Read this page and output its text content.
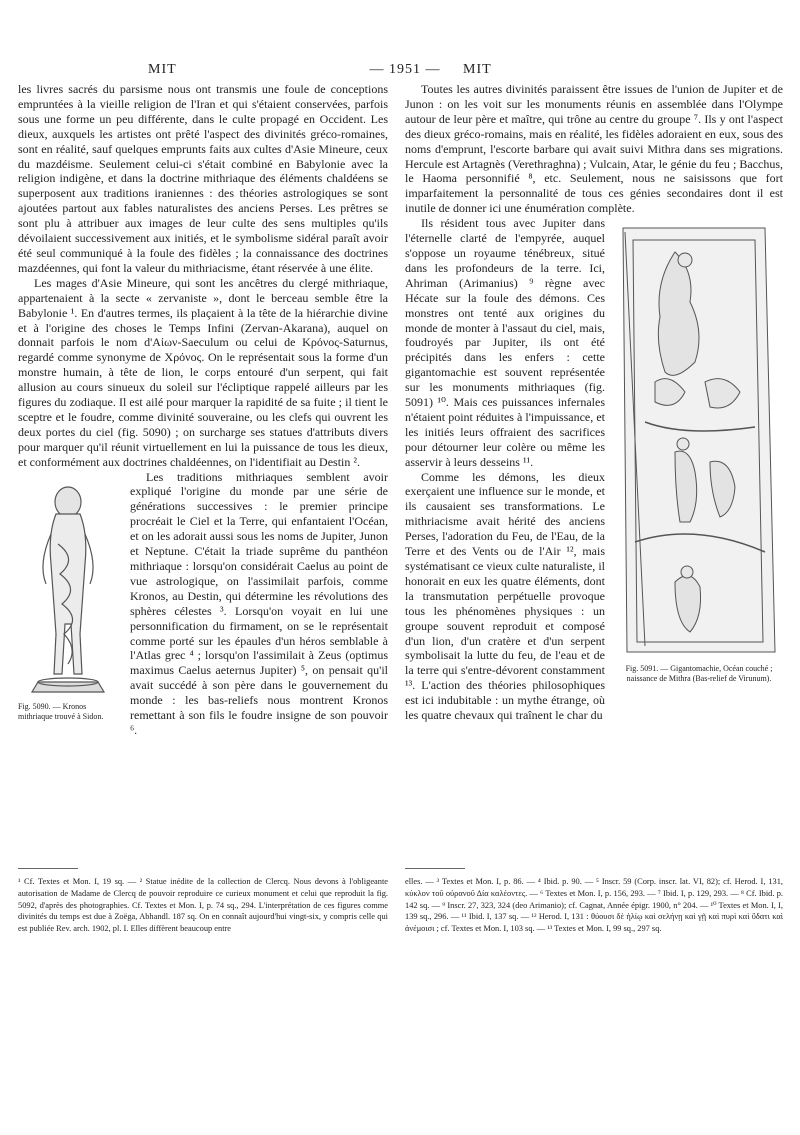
MIT	— 1951 —	MIT

les livres sacrés du parsisme nous ont transmis une foule de conceptions empruntées à la vieille religion de l'Iran et qui s'étaient conservées, parfois sous une forme un peu différente, dans le culte propagé en Occident. Les dieux, auxquels les artistes ont prêté l'aspect des divinités gréco-romaines, sont en réalité, sauf quelques emprunts faits aux cultes d'Asie Mineure, ceux du mazdéisme. Seulement celui-ci s'était combiné en Babylonie avec la religion indigène, et dans la doctrine mithriaque des éléments chaldéens se superposent aux traditions iraniennes : des théories astrologiques se sont ajoutées partout aux fables naturalistes des anciens Perses. Les prêtres se sont plu à attribuer aux images de leur culte des sens multiples qu'ils dévoilaient successivement aux initiés, et le symbolisme sidéral paraît avoir été seul communiqué à la foule des fidèles ; la connaissance des doctrines mazdéennes, qui font la valeur du mithriacisme, étant réservée à une élite.

Les mages d'Asie Mineure, qui sont les ancêtres du clergé mithriaque, appartenaient à la secte « zervaniste », dont le berceau semble être la Babylonie ¹. En d'autres termes, ils plaçaient à la tête de la hiérarchie divine et à l'origine des choses le Temps Infini (Zervan-Akarana), auquel on donnait parfois le nom d'Αἰων-Saeculum ou celui de Κρόνος-Saturnus, regardé comme synonyme de Χρόνος. On le représentait sous la forme d'un monstre humain, à tête de lion, le corps entouré d'un serpent, qui fait allusion au cours sinueux du soleil sur l'écliptique rappelé ailleurs par les figures du zodiaque. Il est ailé pour marquer la rapidité de sa fuite ; il tient le sceptre et le foudre, comme divinité souveraine, ou les clefs qui ouvrent les deux portes du ciel (fig. 5090) ; on surcharge ses statues d'attributs divers pour marquer qu'il réunit virtuellement en lui la puissance de tous les dieux, et conformément aux doctrines chaldéennes, on l'identifiait au Destin ².

Fig. 5090. — Kronos mithriaque trouvé à Sidon.

Les traditions mithriaques semblent avoir expliqué l'origine du monde par une série de générations successives : le premier principe procréait le Ciel et la Terre, qui enfantaient l'Océan, et on les adorait aussi sous les noms de Jupiter, Junon et Neptune. C'était la triade suprême du panthéon mithriaque : lorsqu'on considérait Caelus au point de vue astrologique, on l'assimilait parfois, comme Kronos, au Destin, qui détermine les révolutions des sphères célestes ³. Lorsqu'on voyait en lui une personnification du firmament, on se le représentait comme porté sur les épaules d'un héros semblable à l'Atlas grec ⁴ ; lorsqu'on l'assimilait à Zeus (optimus maximus Caelus aeternus Jupiter) ⁵, on pensait qu'il avait succédé à son père dans le gouvernement du monde : les bas-reliefs nous montrent Kronos remettant à son fils le foudre insigne de son pouvoir ⁶.

Toutes les autres divinités paraissent être issues de l'union de Jupiter et de Junon : on les voit sur les monuments réunis en assemblée dans l'Olympe autour de leur père et maître, qui trône au centre du groupe ⁷. Ils y ont l'aspect des dieux gréco-romains, mais en réalité, les fidèles adoraient en eux, sous des noms d'emprunt, l'escorte barbare qui avait suivi Mithra dans ses migrations. Hercule est Artagnès (Verethraghna) ; Vulcain, Atar, le génie du feu ; Bacchus, le Haoma personnifié ⁸, etc. Seulement, nous ne saisissons que fort imparfaitement la personnalité de tous ces génies secondaires dont il est inutile de donner ici une énumération complète.

Fig. 5091. — Gigantomachie, Océan couché ; naissance de Mithra (Bas-relief de Virunum).

Ils résident tous avec Jupiter dans l'éternelle clarté de l'empyrée, auquel s'oppose un royaume ténébreux, situé dans les profondeurs de la terre. Ici, Ahriman (Arimanius) ⁹ règne avec Hécate sur la foule des démons. Ces monstres ont tenté aux origines du monde de monter à l'assaut du ciel, mais, foudroyés par Jupiter, ils ont été précipités dans les enfers : cette gigantomachie est souvent représentée sur les monuments mithriaques (fig. 5091) ¹⁰. Mais ces puissances infernales n'étaient point réduites à l'impuissance, et les initiés leurs offraient des sacrifices pour détourner leur colère ou même les asservir à leurs desseins ¹¹.

Comme les démons, les dieux exerçaient une influence sur le monde, et ils causaient ses transformations. Le mithriacisme avait hérité des anciens Perses, l'adoration du Feu, de l'Eau, de la Terre et des Vents ou de l'Air ¹², mais systématisant ce vieux culte naturaliste, il honorait en eux les quatre éléments, dont la transmutation perpétuelle provoque tous les phénomènes physiques : un groupe souvent reproduit et composé d'un lion, d'un cratère et d'un serpent symbolisait la lutte du feu, de l'eau et de la terre qui s'entre-dévorent constamment ¹³. L'action des théories philosophiques est ici indubitable : un mythe étrange, où les quatre chevaux qui traînent le char du

¹ Cf. Textes et Mon. I, 19 sq. — ² Statue inédite de la collection de Clercq. Nous devons à l'obligeante autorisation de Madame de Clercq de pouvoir reproduire ce curieux monument et celui que reproduit la fig. 5092, d'après des photographies. Cf. Textes et Mon. I, p. 74 sq., 294. L'interprétation de ces figures comme divinités du temps est due à Zoëga, Abhandl. 187 sq. On en connaît aujourd'hui vingt-six, y compris celle qui est publiée Rev. arch. 1902, pl. I. Elles diffèrent beaucoup entre
elles. — ³ Textes et Mon. I, p. 86. — ⁴ Ibid. p. 90. — ⁵ Inscr. 59 (Corp. inscr. lat. VI, 82); cf. Herod. I, 131, κύκλον τοῦ οὐρανοῦ Δία καλέοντες. — ⁶ Textes et Mon. I, p. 156, 293. — ⁷ Ibid. I, p. 129, 293. — ⁸ Cf. Ibid. p. 142 sq. — ⁹ Inscr. 27, 323, 324 (deo Arimanio); cf. Cagnat, Année épigr. 1900, n° 204. — ¹⁰ Textes et Mon. I, I, 139 sq., 296. — ¹¹ Ibid. I, 137 sq. — ¹² Herod. I, 131 : θύουσι δὲ ἡλίῳ καὶ σελήνῃ καὶ γῇ καὶ πυρὶ καὶ ὕδατι καὶ ἀνέμοισι ; cf. Textes et Mon. I, 103 sq. — ¹³ Textes et Mon. I, 99 sq., 297 sq.
